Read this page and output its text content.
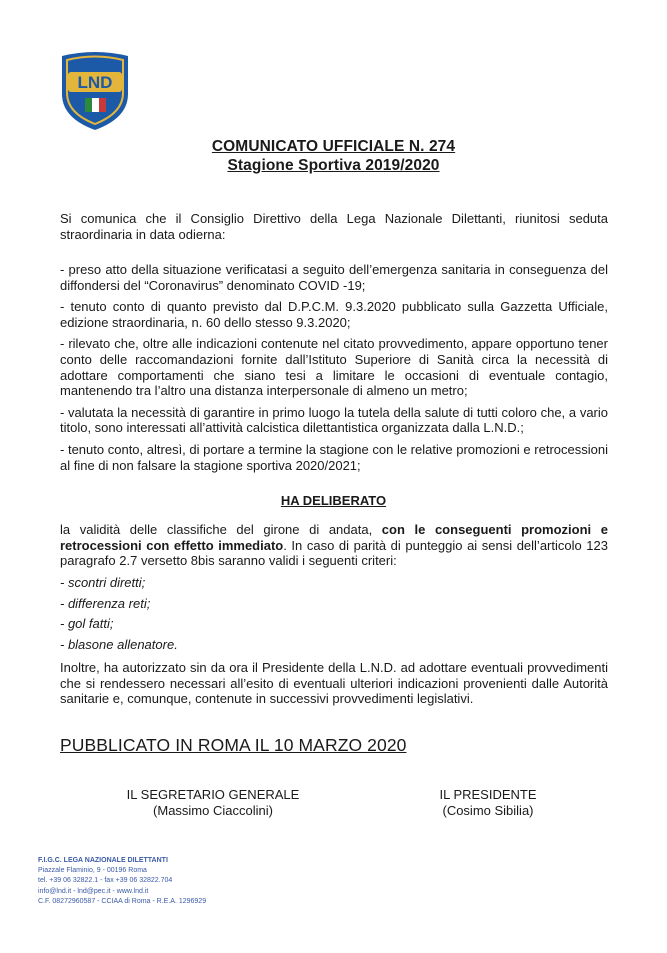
LND
COMUNICATO UFFICIALE N. 274
Stagione Sportiva 2019/2020

Si comunica che il Consiglio Direttivo della Lega Nazionale Dilettanti, riunitosi seduta straordinaria in data odierna:

- preso atto della situazione verificatasi a seguito dell’emergenza sanitaria in conseguenza del diffondersi del “Coronavirus” denominato COVID -19;

- tenuto conto di quanto previsto dal D.P.C.M. 9.3.2020 pubblicato sulla Gazzetta Ufficiale, edizione straordinaria, n. 60 dello stesso 9.3.2020;

- rilevato che, oltre alle indicazioni contenute nel citato provvedimento, appare opportuno tener conto delle raccomandazioni fornite dall’Istituto Superiore di Sanità circa la necessità di adottare comportamenti che siano tesi a limitare le occasioni di eventuale contagio, mantenendo tra l’altro una distanza interpersonale di almeno un metro;

- valutata la necessità di garantire in primo luogo la tutela della salute di tutti coloro che, a vario titolo, sono interessati all’attività calcistica dilettantistica organizzata dalla L.N.D.;

- tenuto conto, altresì, di portare a termine la stagione con le relative promozioni e retrocessioni al fine di non falsare la stagione sportiva 2020/2021;

HA DELIBERATO

la validità delle classifiche del girone di andata, con le conseguenti promozioni e retrocessioni con effetto immediato. In caso di parità di punteggio ai sensi dell’articolo 123 paragrafo 2.7 versetto 8bis saranno validi i seguenti criteri:

- scontri diretti;
- differenza reti;
- gol fatti;
- blasone allenatore.

Inoltre, ha autorizzato sin da ora il Presidente della L.N.D. ad adottare eventuali provvedimenti che si rendessero necessari all’esito di eventuali ulteriori indicazioni provenienti dalle Autorità sanitarie e, comunque, contenute in successivi provvedimenti legislativi.

PUBBLICATO IN ROMA IL 10 MARZO 2020
IL SEGRETARIO GENERALE
(Massimo Ciaccolini)
IL PRESIDENTE
(Cosimo Sibilia)
F.I.G.C. LEGA NAZIONALE DILETTANTI
Piazzale Flaminio, 9 - 00196 Roma
tel. +39 06 32822.1 - fax +39 06 32822.704
info@lnd.it - lnd@pec.it - www.lnd.it
C.F. 08272960587 - CCIAA di Roma - R.E.A. 1296929
